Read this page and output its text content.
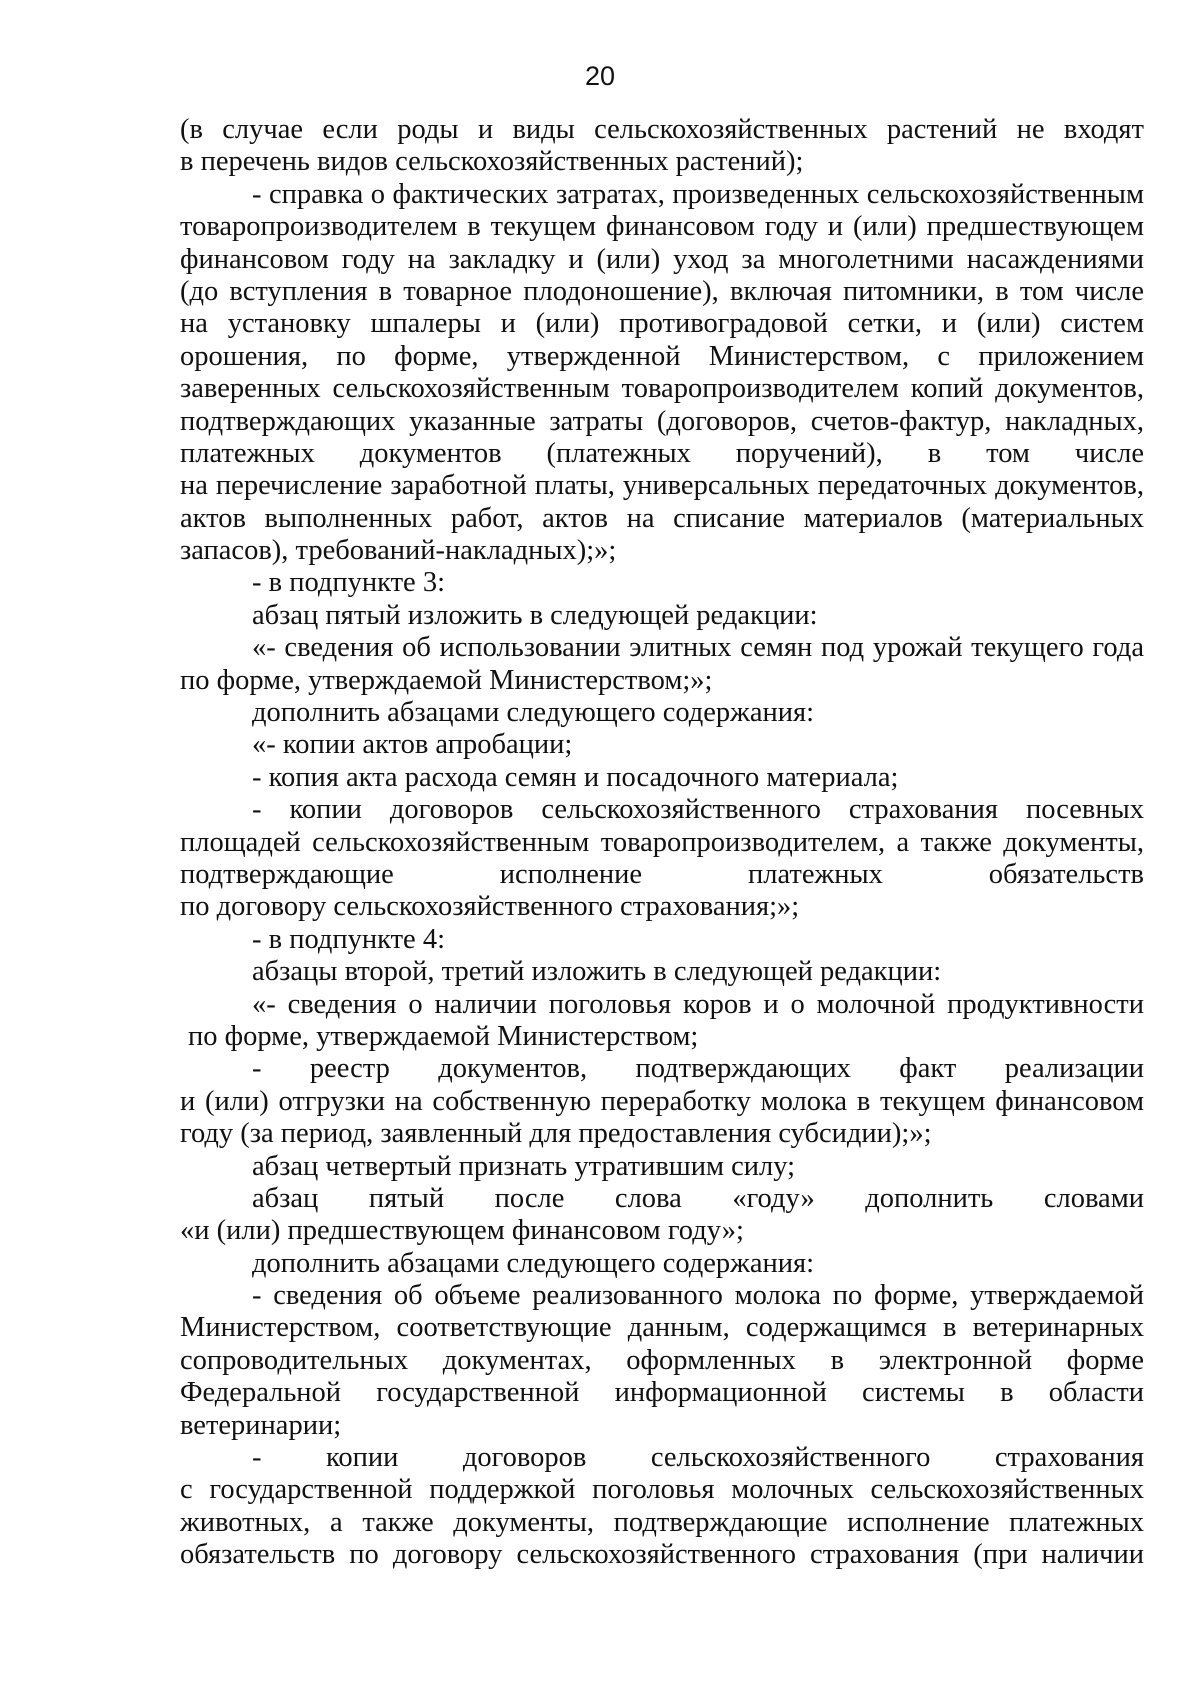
20
(в случае если роды и виды сельскохозяйственных растений не входят
в перечень видов сельскохозяйственных растений);
- справка о фактических затратах, произведенных сельскохозяйственным
товаропроизводителем в текущем финансовом году и (или) предшествующем
финансовом году на закладку и (или) уход за многолетними насаждениями
(до вступления в товарное плодоношение), включая питомники, в том числе
на установку шпалеры и (или) противоградовой сетки, и (или) систем
орошения, по форме, утвержденной Министерством, с приложением
заверенных сельскохозяйственным товаропроизводителем копий документов,
подтверждающих указанные затраты (договоров, счетов-фактур, накладных,
платежных документов (платежных поручений), в том числе
на перечисление заработной платы, универсальных передаточных документов,
актов выполненных работ, актов на списание материалов (материальных
запасов), требований-накладных);»;
- в подпункте 3:
абзац пятый изложить в следующей редакции:
«- сведения об использовании элитных семян под урожай текущего года
по форме, утверждаемой Министерством;»;
дополнить абзацами следующего содержания:
«- копии актов апробации;
- копия акта расхода семян и посадочного материала;
- копии договоров сельскохозяйственного страхования посевных
площадей сельскохозяйственным товаропроизводителем, а также документы,
подтверждающие исполнение платежных обязательств
по договору сельскохозяйственного страхования;»;
- в подпункте 4:
абзацы второй, третий изложить в следующей редакции:
«- сведения о наличии поголовья коров и о молочной продуктивности
по форме, утверждаемой Министерством;
- реестр документов, подтверждающих факт реализации
и (или) отгрузки на собственную переработку молока в текущем финансовом
году (за период, заявленный для предоставления субсидии);»;
абзац четвертый признать утратившим силу;
абзац пятый после слова «году» дополнить словами
«и (или) предшествующем финансовом году»;
дополнить абзацами следующего содержания:
- сведения об объеме реализованного молока по форме, утверждаемой
Министерством, соответствующие данным, содержащимся в ветеринарных
сопроводительных документах, оформленных в электронной форме
Федеральной государственной информационной системы в области
ветеринарии;
- копии договоров сельскохозяйственного страхования
с государственной поддержкой поголовья молочных сельскохозяйственных
животных, а также документы, подтверждающие исполнение платежных
обязательств по договору сельскохозяйственного страхования (при наличии
